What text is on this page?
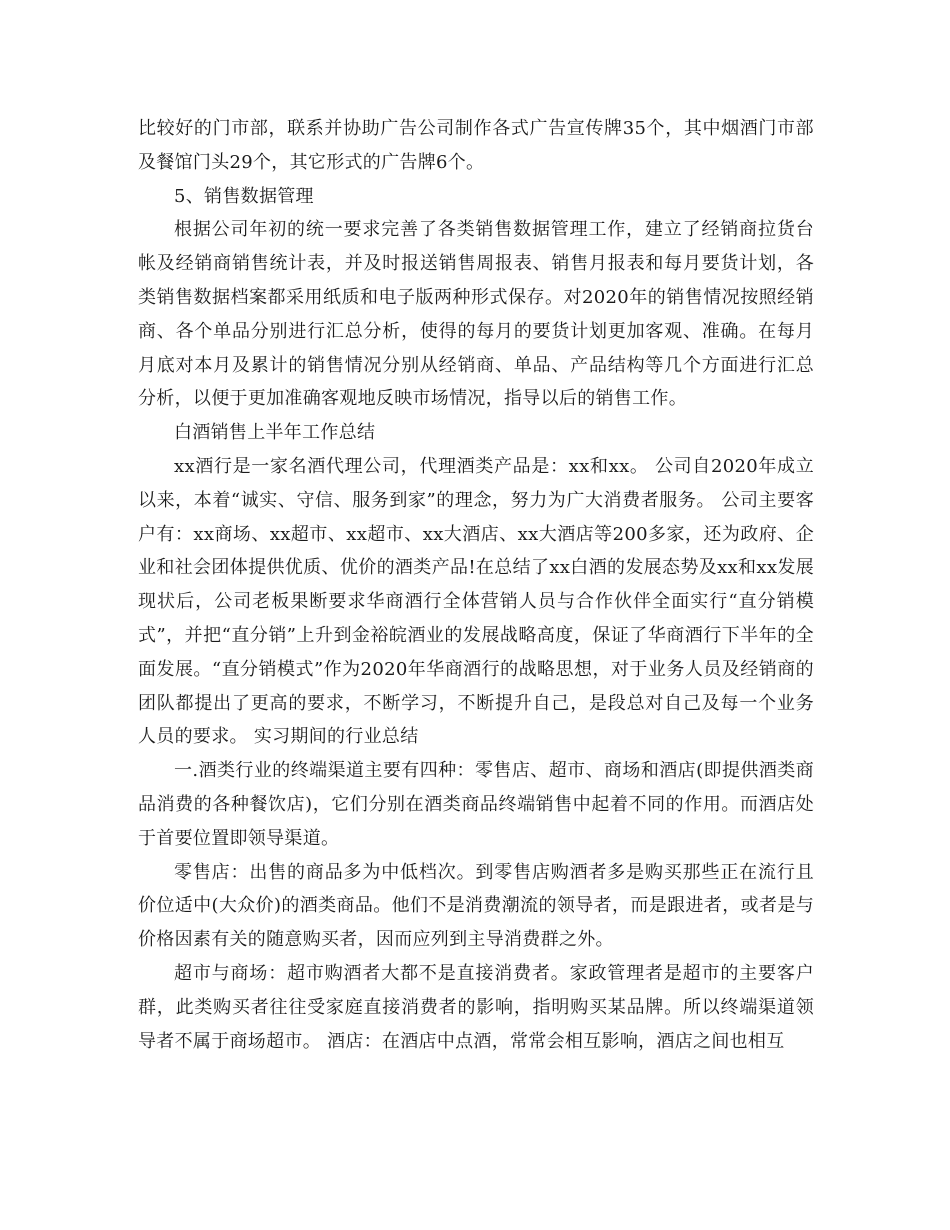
比较好的门市部，联系并协助广告公司制作各式广告宣传牌35个，其中烟酒门市部及餐馆门头29个，其它形式的广告牌6个。

5、销售数据管理

根据公司年初的统一要求完善了各类销售数据管理工作，建立了经销商拉货台帐及经销商销售统计表，并及时报送销售周报表、销售月报表和每月要货计划，各类销售数据档案都采用纸质和电子版两种形式保存。对2020年的销售情况按照经销商、各个单品分别进行汇总分析，使得的每月的要货计划更加客观、准确。在每月月底对本月及累计的销售情况分别从经销商、单品、产品结构等几个方面进行汇总分析，以便于更加准确客观地反映市场情况，指导以后的销售工作。

白酒销售上半年工作总结

xx酒行是一家名酒代理公司，代理酒类产品是：xx和xx。 公司自2020年成立以来，本着“诚实、守信、服务到家”的理念，努力为广大消费者服务。 公司主要客户有：xx商场、xx超市、xx超市、xx大酒店、xx大酒店等200多家，还为政府、企业和社会团体提供优质、优价的酒类产品!在总结了xx白酒的发展态势及xx和xx发展现状后，公司老板果断要求华商酒行全体营销人员与合作伙伴全面实行“直分销模式”，并把“直分销”上升到金裕皖酒业的发展战略高度，保证了华商酒行下半年的全面发展。“直分销模式”作为2020年华商酒行的战略思想，对于业务人员及经销商的团队都提出了更高的要求，不断学习，不断提升自己，是段总对自己及每一个业务人员的要求。 实习期间的行业总结

一.酒类行业的终端渠道主要有四种：零售店、超市、商场和酒店(即提供酒类商品消费的各种餐饮店)，它们分别在酒类商品终端销售中起着不同的作用。而酒店处于首要位置即领导渠道。

零售店：出售的商品多为中低档次。到零售店购酒者多是购买那些正在流行且价位适中(大众价)的酒类商品。他们不是消费潮流的领导者，而是跟进者，或者是与价格因素有关的随意购买者，因而应列到主导消费群之外。

超市与商场：超市购酒者大都不是直接消费者。家政管理者是超市的主要客户群，此类购买者往往受家庭直接消费者的影响，指明购买某品牌。所以终端渠道领导者不属于商场超市。 酒店：在酒店中点酒，常常会相互影响，酒店之间也相互
